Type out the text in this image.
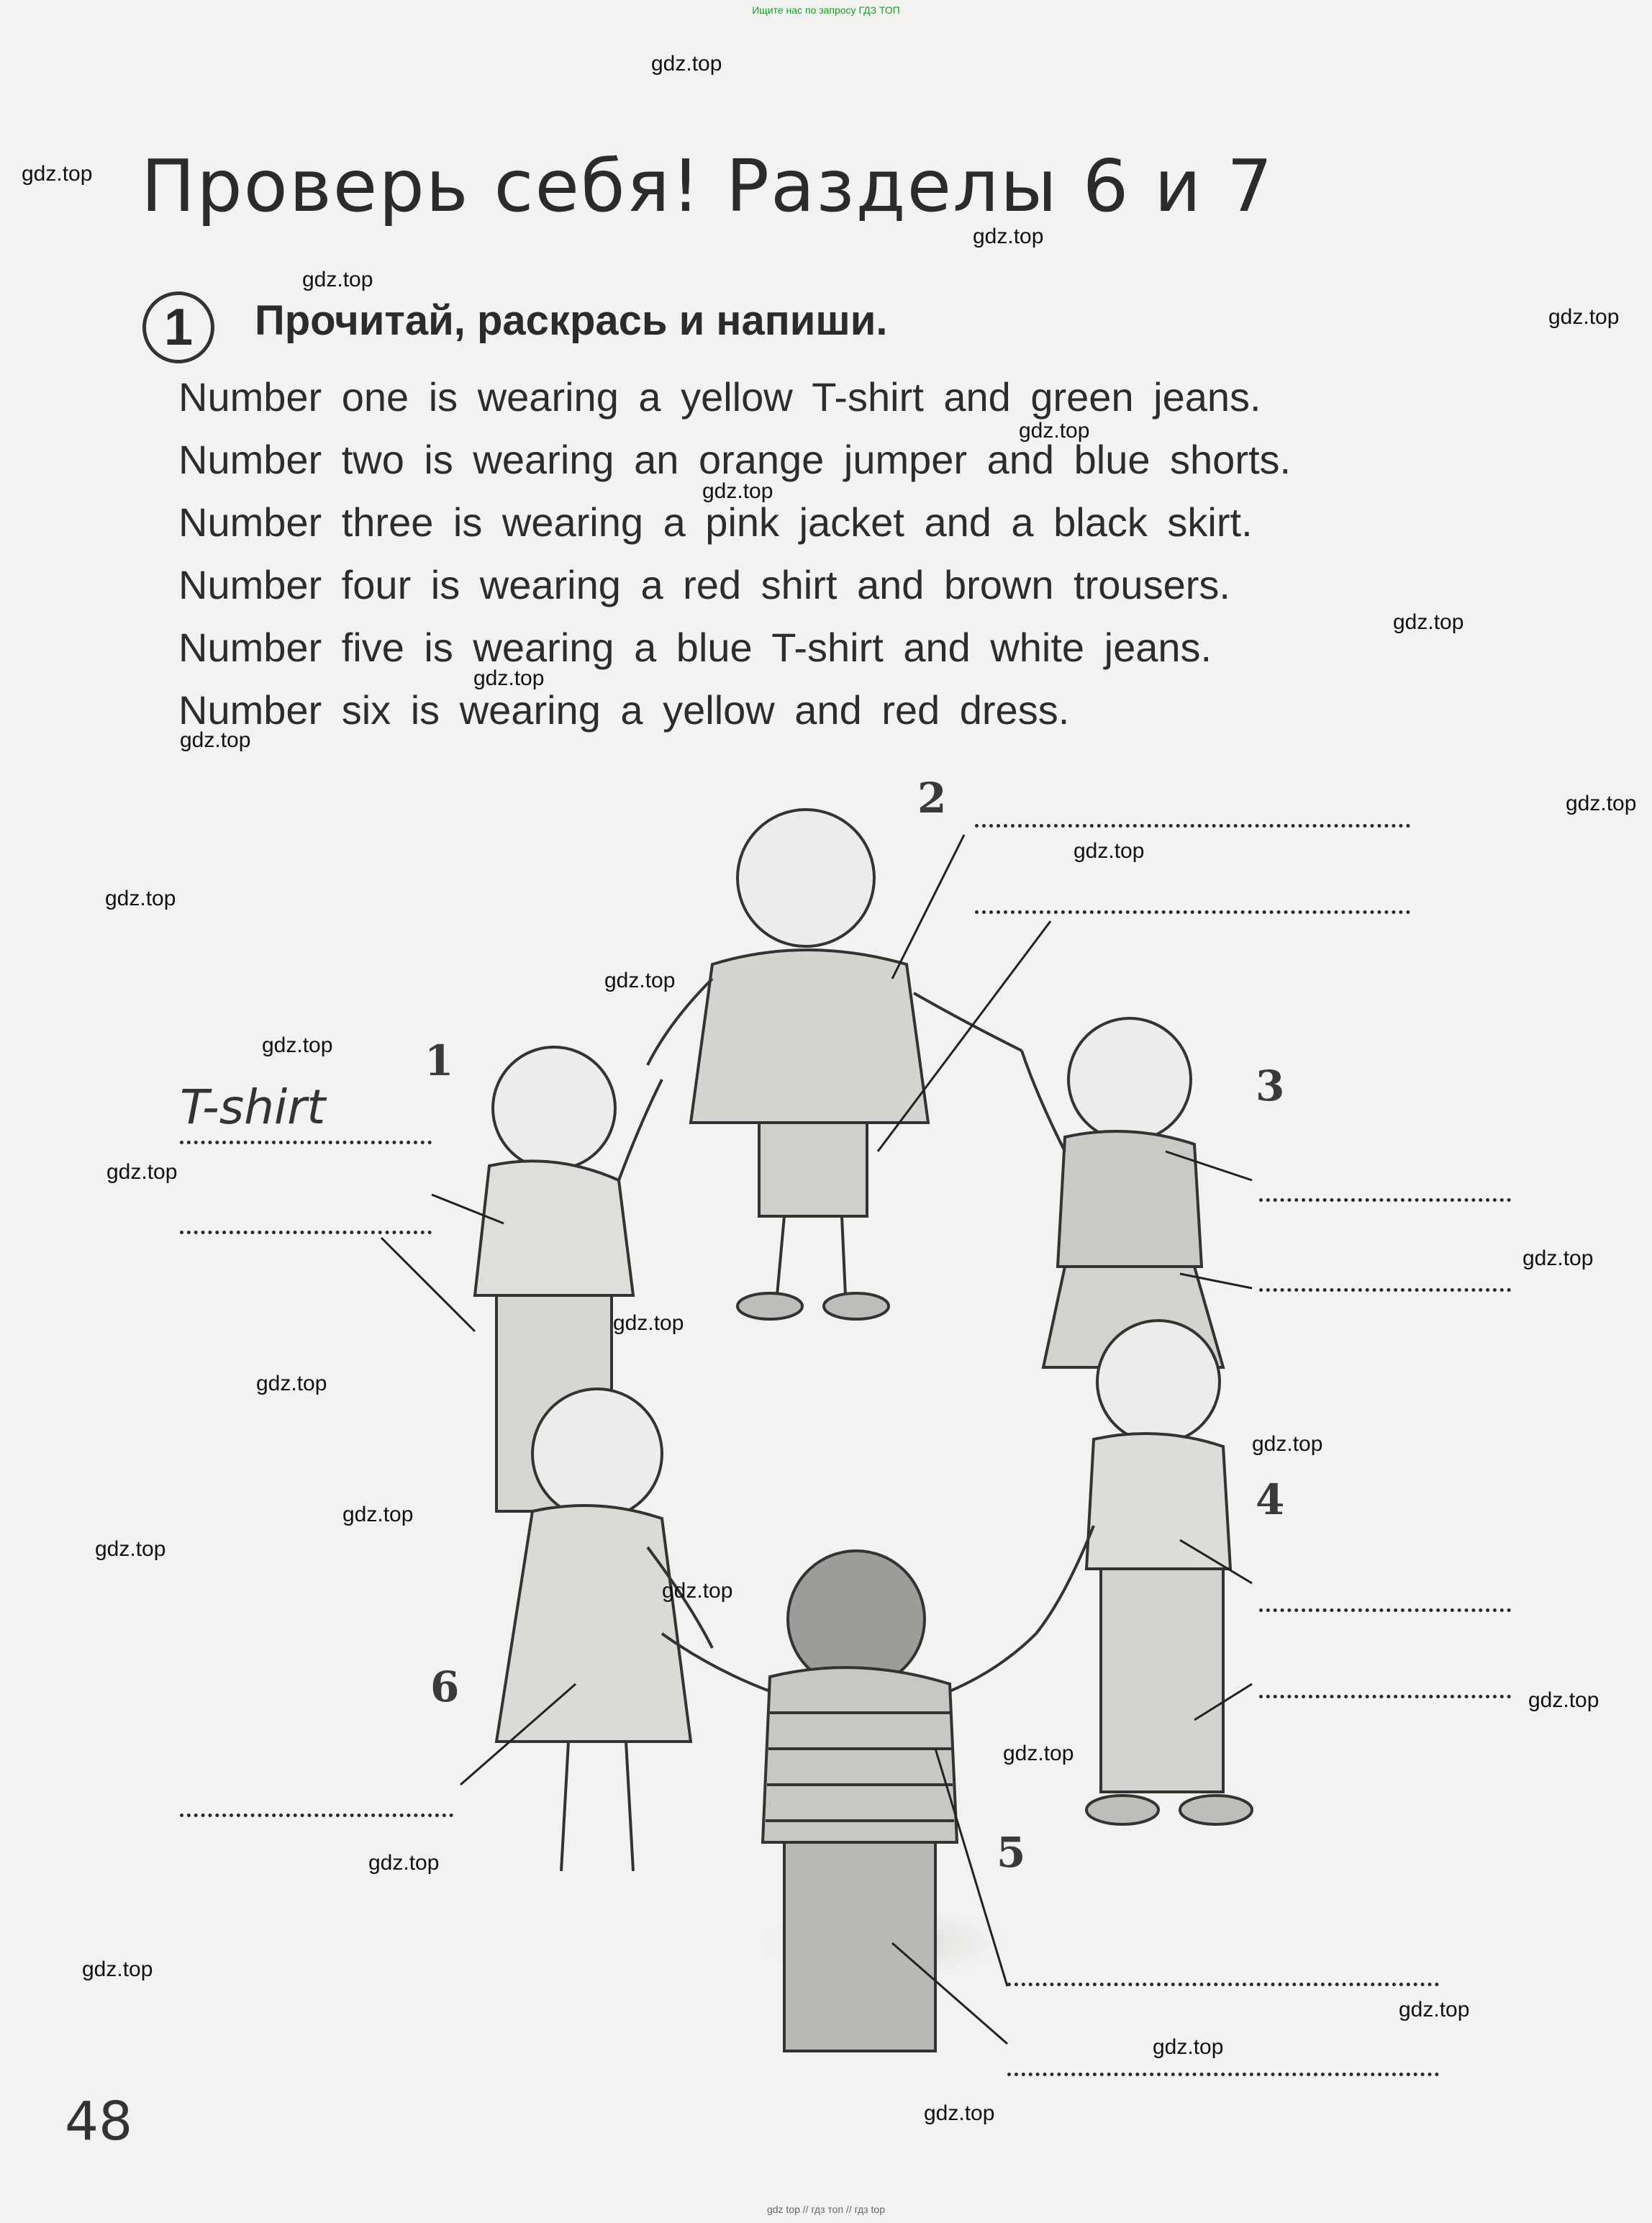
Ищите нас по запросу ГДЗ ТОП
Проверь себя! Разделы 6 и 7
1	Прочитай, раскрась и напиши.
Number one is wearing a yellow T-shirt and green jeans.
Number two is wearing an orange jumper and blue shorts.
Number three is wearing a pink jacket and a black skirt.
Number four is wearing a red shirt and brown trousers.
Number five is wearing a blue T-shirt and white jeans.
Number six is wearing a yellow and red dress.
1
2
3
4
5
6
T-shirt
48
gdz.top
gdz.top
gdz.top
gdz.top
gdz.top
gdz.top
gdz.top
gdz.top
gdz.top
gdz.top
gdz.top
gdz.top
gdz.top
gdz.top
gdz.top
gdz.top
gdz.top
gdz.top
gdz.top
gdz.top
gdz.top
gdz.top
gdz.top
gdz.top
gdz.top
gdz.top
gdz.top
gdz.top
gdz.top
gdz.top
gdz top // гдз топ // гдз top
